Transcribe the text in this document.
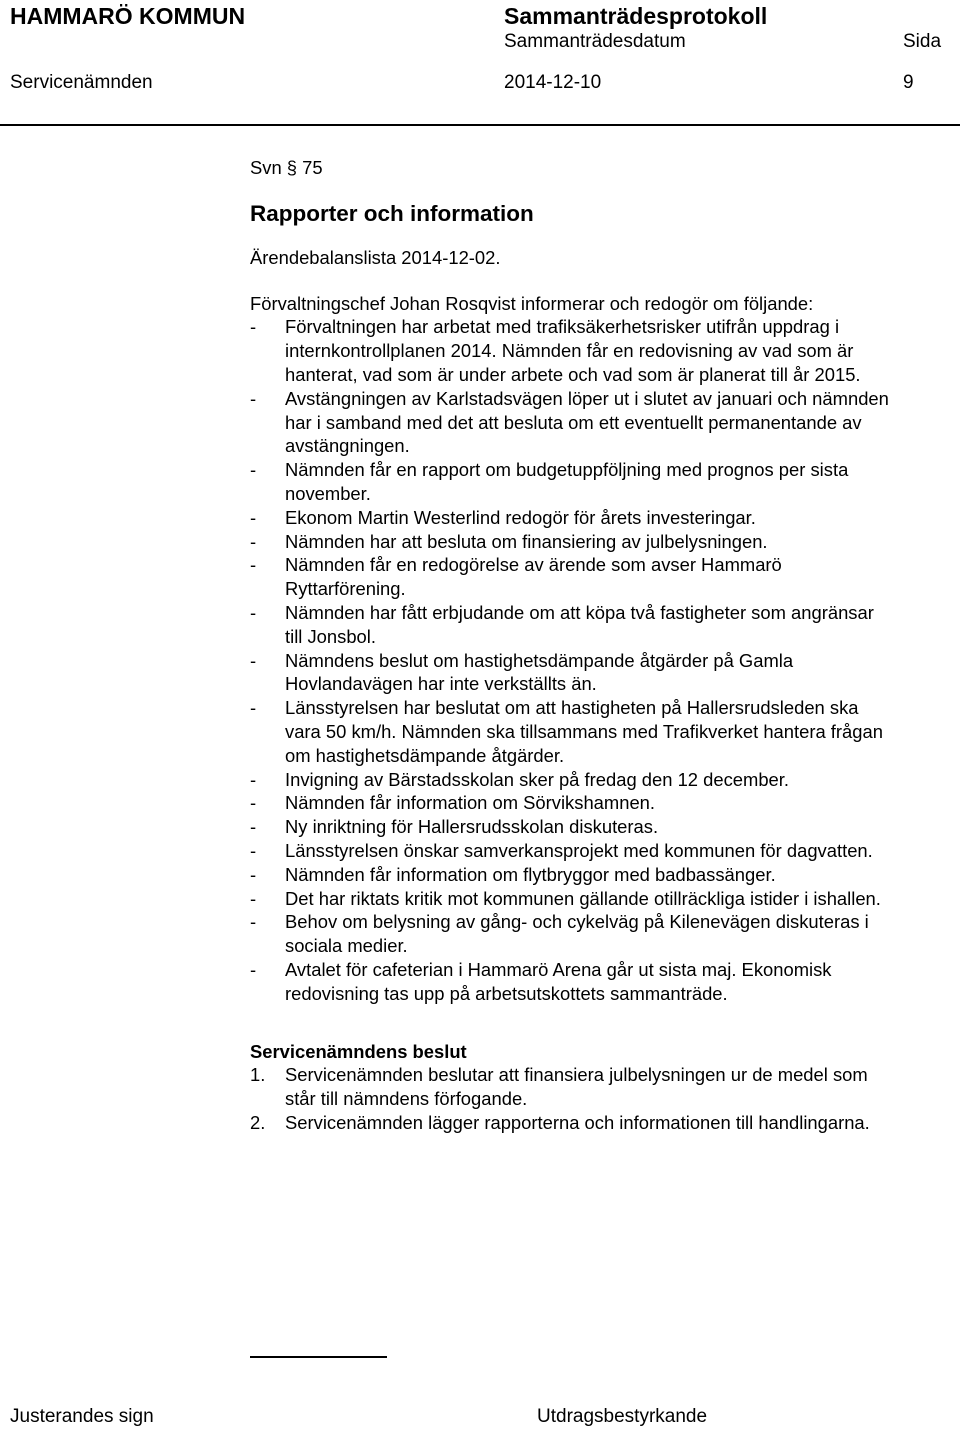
HAMMARÖ KOMMUN	Sammanträdesprotokoll
Sammanträdesdatum	Sida
Servicenämnden	2014-12-10	9

Svn § 75

Rapporter och information

Ärendebalanslista 2014-12-02.

Förvaltningschef Johan Rosqvist informerar och redogör om följande:

- Förvaltningen har arbetat med trafiksäkerhetsrisker utifrån uppdrag i internkontrollplanen 2014. Nämnden får en redovisning av vad som är hanterat, vad som är under arbete och vad som är planerat till år 2015.
- Avstängningen av Karlstadsvägen löper ut i slutet av januari och nämnden har i samband med det att besluta om ett eventuellt permanentande av avstängningen.
- Nämnden får en rapport om budgetuppföljning med prognos per sista november.
- Ekonom Martin Westerlind redogör för årets investeringar.
- Nämnden har att besluta om finansiering av julbelysningen.
- Nämnden får en redogörelse av ärende som avser Hammarö Ryttarförening.
- Nämnden har fått erbjudande om att köpa två fastigheter som angränsar till Jonsbol.
- Nämndens beslut om hastighetsdämpande åtgärder på Gamla Hovlandavägen har inte verkställts än.
- Länsstyrelsen har beslutat om att hastigheten på Hallersrudsleden ska vara 50 km/h. Nämnden ska tillsammans med Trafikverket hantera frågan om hastighetsdämpande åtgärder.
- Invigning av Bärstadsskolan sker på fredag den 12 december.
- Nämnden får information om Sörvikshamnen.
- Ny inriktning för Hallersrudsskolan diskuteras.
- Länsstyrelsen önskar samverkansprojekt med kommunen för dagvatten.
- Nämnden får information om flytbryggor med badbassänger.
- Det har riktats kritik mot kommunen gällande otillräckliga istider i ishallen.
- Behov om belysning av gång- och cykelväg på Kilenevägen diskuteras i sociala medier.
- Avtalet för cafeterian i Hammarö Arena går ut sista maj. Ekonomisk redovisning tas upp på arbetsutskottets sammanträde.

Servicenämndens beslut

1. Servicenämnden beslutar att finansiera julbelysningen ur de medel som står till nämndens förfogande.
2. Servicenämnden lägger rapporterna och informationen till handlingarna.
Justerandes sign	Utdragsbestyrkande
